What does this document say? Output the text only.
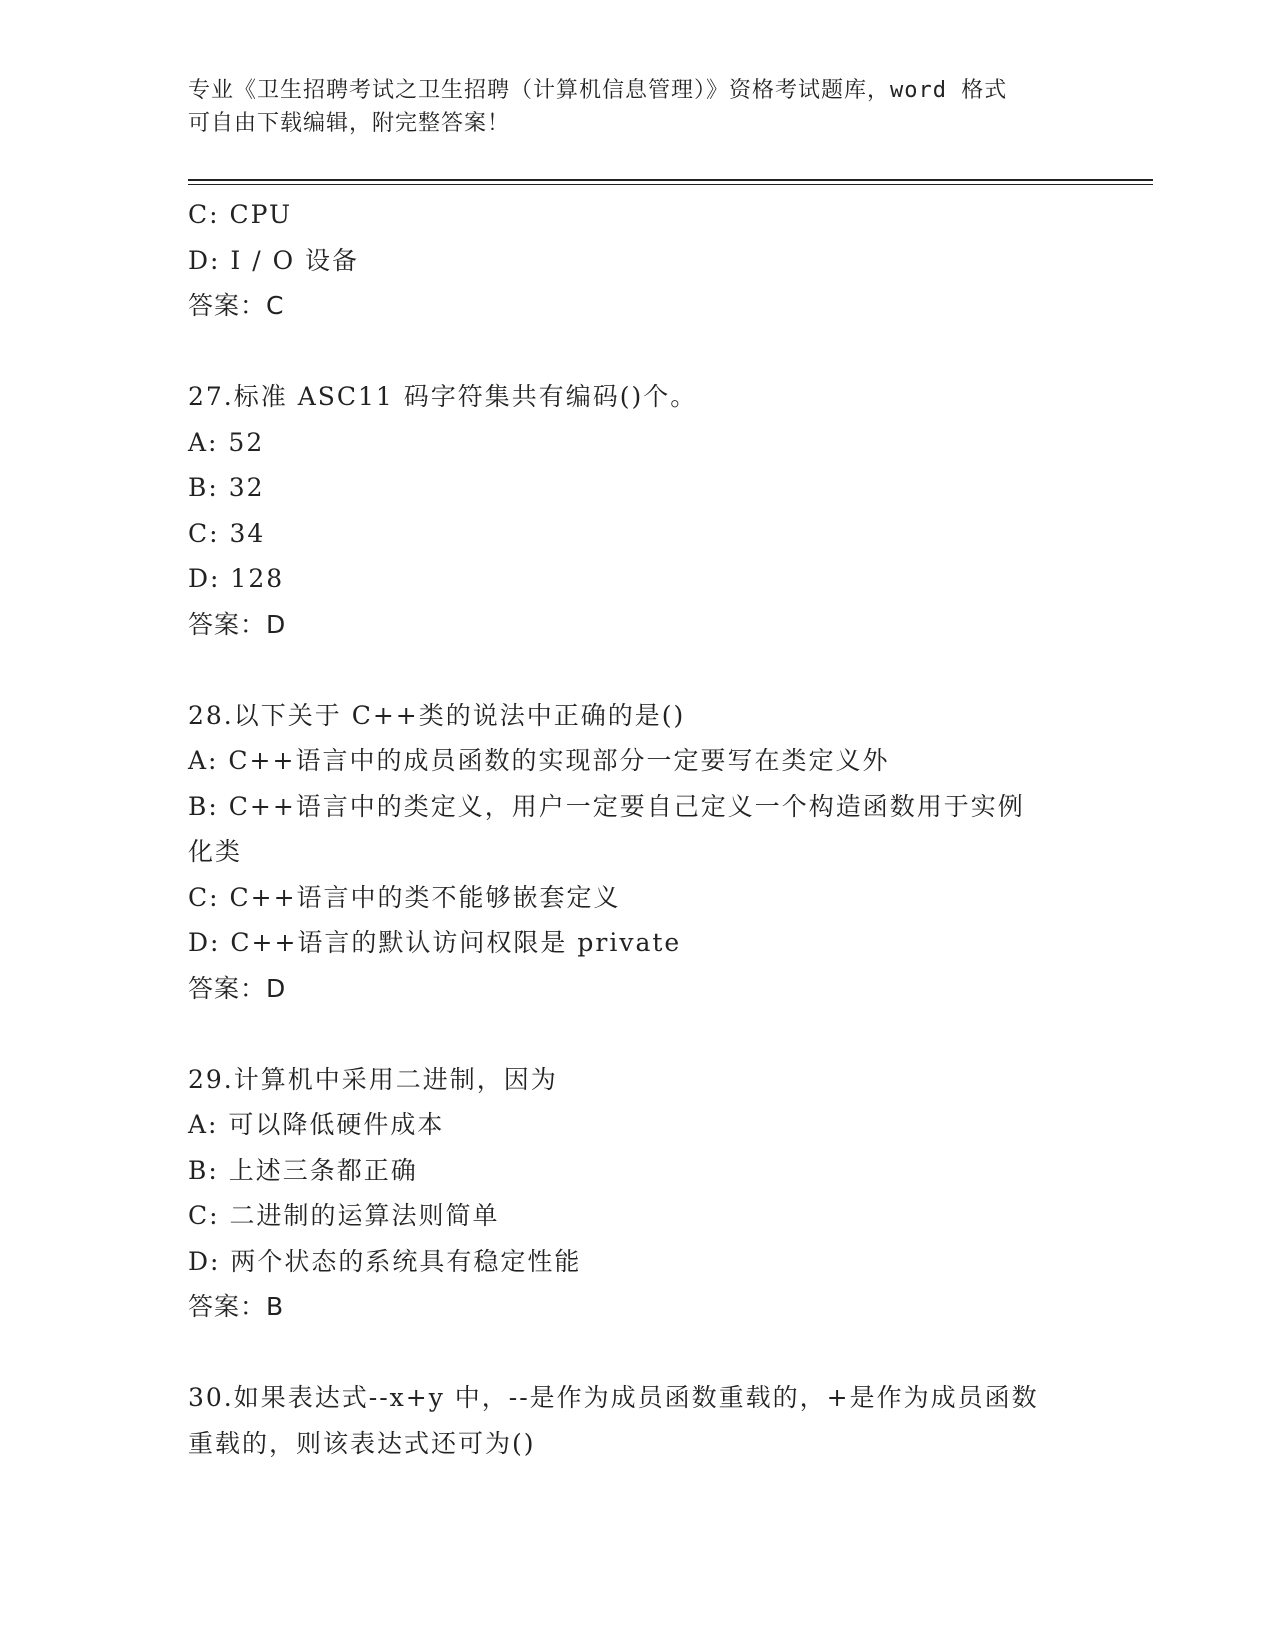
专业《卫生招聘考试之卫生招聘（计算机信息管理）》资格考试题库，word 格式
可自由下载编辑，附完整答案！
C: CPU
D: I / O 设备
答案：C
27.标准 ASC11 码字符集共有编码()个。
A: 52
B: 32
C: 34
D: 128
答案：D
28.以下关于 C++类的说法中正确的是()
A: C++语言中的成员函数的实现部分一定要写在类定义外
B: C++语言中的类定义，用户一定要自己定义一个构造函数用于实例
化类
C: C++语言中的类不能够嵌套定义
D: C++语言的默认访问权限是 private
答案：D
29.计算机中采用二进制，因为
A: 可以降低硬件成本
B: 上述三条都正确
C: 二进制的运算法则简单
D: 两个状态的系统具有稳定性能
答案：B
30.如果表达式--x+y 中，--是作为成员函数重载的，+是作为成员函数
重载的，则该表达式还可为()
